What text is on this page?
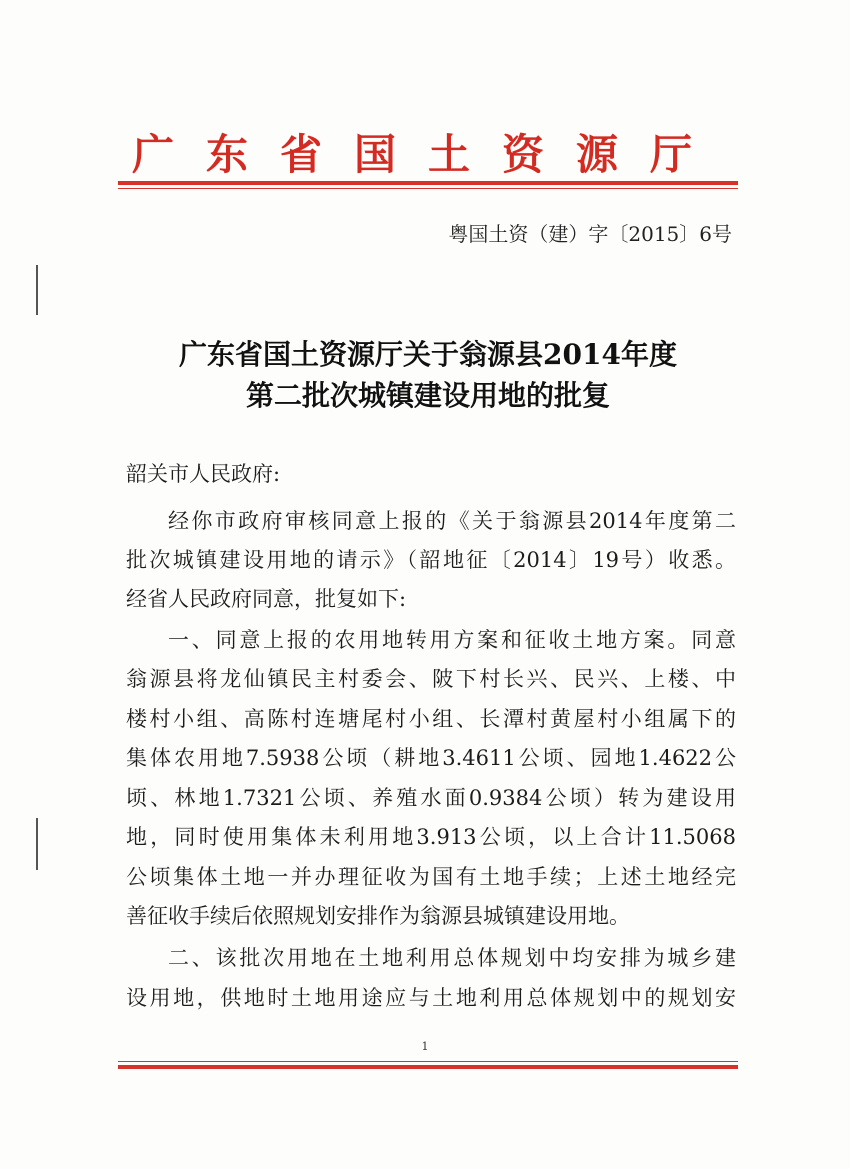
广东省国土资源厅
粤国土资（建）字〔2015〕6号
广东省国土资源厅关于翁源县2014年度
第二批次城镇建设用地的批复
韶关市人民政府:
经你市政府审核同意上报的《关于翁源县2014年度第二
批次城镇建设用地的请示》（韶地征〔2014〕19号）收悉。
经省人民政府同意，批复如下:
一、同意上报的农用地转用方案和征收土地方案。同意
翁源县将龙仙镇民主村委会、陂下村长兴、民兴、上楼、中
楼村小组、高陈村连塘尾村小组、长潭村黄屋村小组属下的
集体农用地7.5938公顷（耕地3.4611公顷、园地1.4622公
顷、林地1.7321公顷、养殖水面0.9384公顷）转为建设用
地，同时使用集体未利用地3.913公顷，以上合计11.5068
公顷集体土地一并办理征收为国有土地手续；上述土地经完
善征收手续后依照规划安排作为翁源县城镇建设用地。
二、该批次用地在土地利用总体规划中均安排为城乡建
设用地，供地时土地用途应与土地利用总体规划中的规划安
1
